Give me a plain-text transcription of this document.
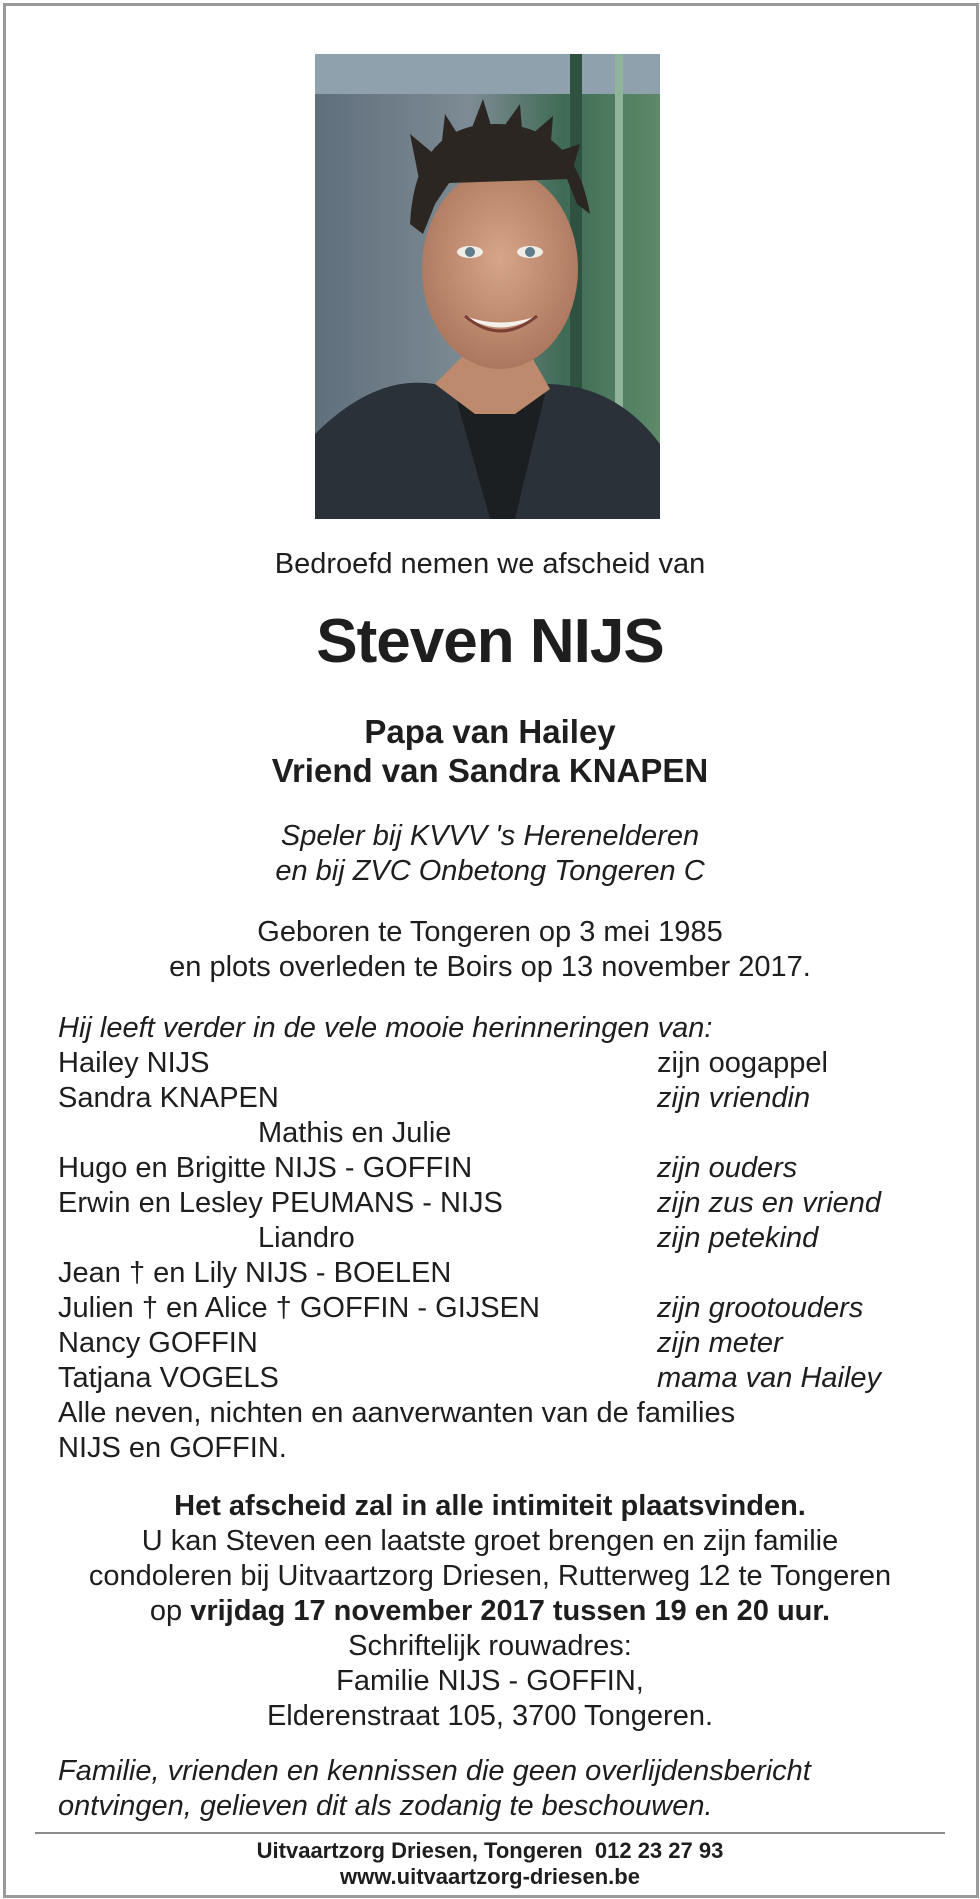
Bedroefd nemen we afscheid van
Steven NIJS
Papa van Hailey
Vriend van Sandra KNAPEN
Speler bij KVVV 's Herenelderen
en bij ZVC Onbetong Tongeren C
Geboren te Tongeren op 3 mei 1985
en plots overleden te Boirs op 13 november 2017.
Hij leeft verder in de vele mooie herinneringen van:
Hailey NIJS	zijn oogappel
Sandra KNAPEN	zijn vriendin
Mathis en Julie
Hugo en Brigitte NIJS - GOFFIN	zijn ouders
Erwin en Lesley PEUMANS - NIJS	zijn zus en vriend
Liandro	zijn petekind
Jean † en Lily NIJS - BOELEN
Julien † en Alice † GOFFIN - GIJSEN	zijn grootouders
Nancy GOFFIN	zijn meter
Tatjana VOGELS	mama van Hailey
Alle neven, nichten en aanverwanten van de families
NIJS en GOFFIN.
Het afscheid zal in alle intimiteit plaatsvinden.
U kan Steven een laatste groet brengen en zijn familie
condoleren bij Uitvaartzorg Driesen, Rutterweg 12 te Tongeren
op vrijdag 17 november 2017 tussen 19 en 20 uur.
Schriftelijk rouwadres:
Familie NIJS - GOFFIN,
Elderenstraat 105, 3700 Tongeren.
Familie, vrienden en kennissen die geen overlijdensbericht
ontvingen, gelieven dit als zodanig te beschouwen.
Uitvaartzorg Driesen, Tongeren 012 23 27 93
www.uitvaartzorg-driesen.be
